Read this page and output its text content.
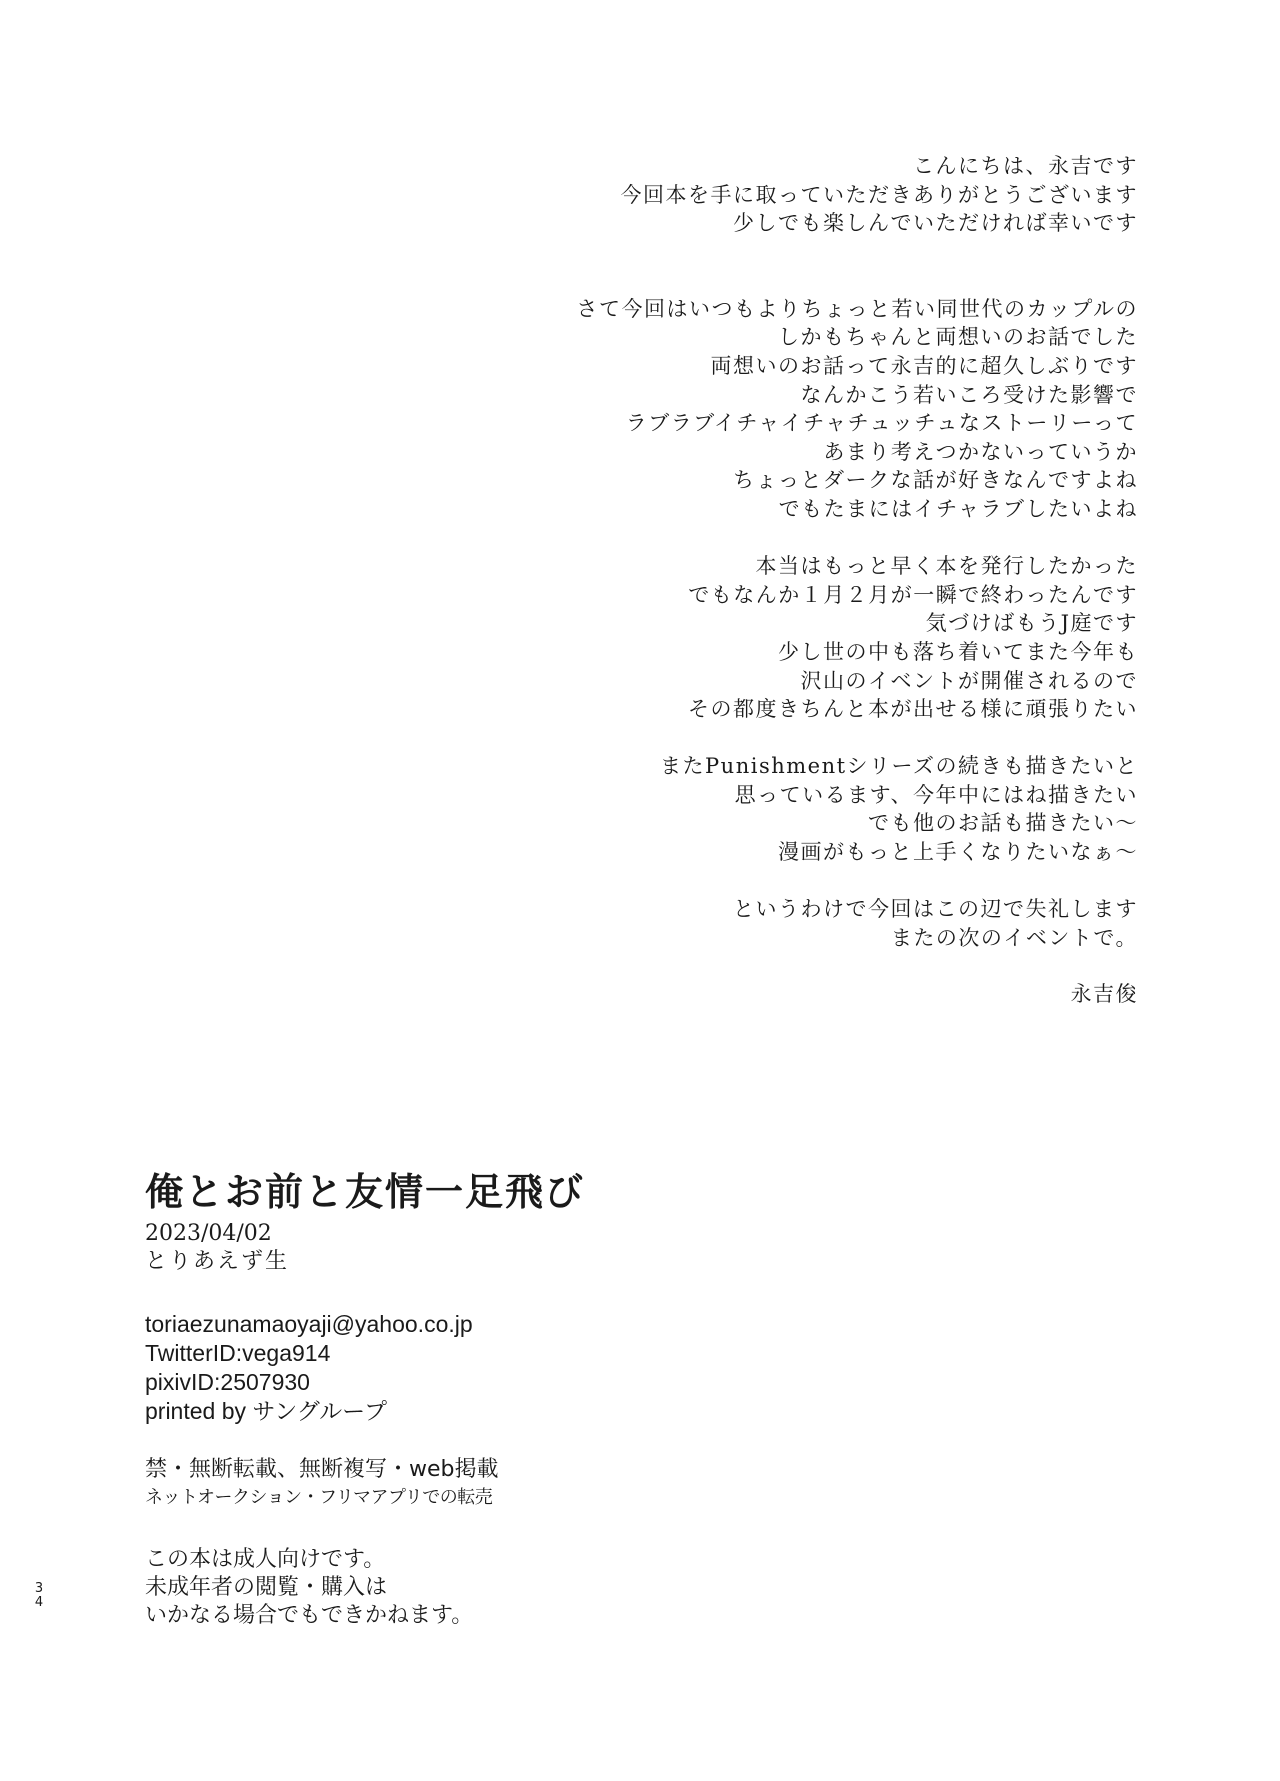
こんにちは、永吉です
今回本を手に取っていただきありがとうございます
少しでも楽しんでいただければ幸いです
さて今回はいつもよりちょっと若い同世代のカップルの
しかもちゃんと両想いのお話でした
両想いのお話って永吉的に超久しぶりです
なんかこう若いころ受けた影響で
ラブラブイチャイチャチュッチュなストーリーって
あまり考えつかないっていうか
ちょっとダークな話が好きなんですよね
でもたまにはイチャラブしたいよね
本当はもっと早く本を発行したかった
でもなんか１月２月が一瞬で終わったんです
気づけばもうJ庭です
少し世の中も落ち着いてまた今年も
沢山のイベントが開催されるので
その都度きちんと本が出せる様に頑張りたい
またPunishmentシリーズの続きも描きたいと
思っているます、今年中にはね描きたい
でも他のお話も描きたい～
漫画がもっと上手くなりたいなぁ～
というわけで今回はこの辺で失礼します
またの次のイベントで。
永吉俊
俺とお前と友情一足飛び
2023/04/02
とりあえず生
toriaezunamaoyaji@yahoo.co.jp
TwitterID:vega914
pixivID:2507930
printed by サングループ
禁・無断転載、無断複写・web掲載
ネットオークション・フリマアプリでの転売
この本は成人向けです。
未成年者の閲覧・購入は
いかなる場合でもできかねます。
3
4
